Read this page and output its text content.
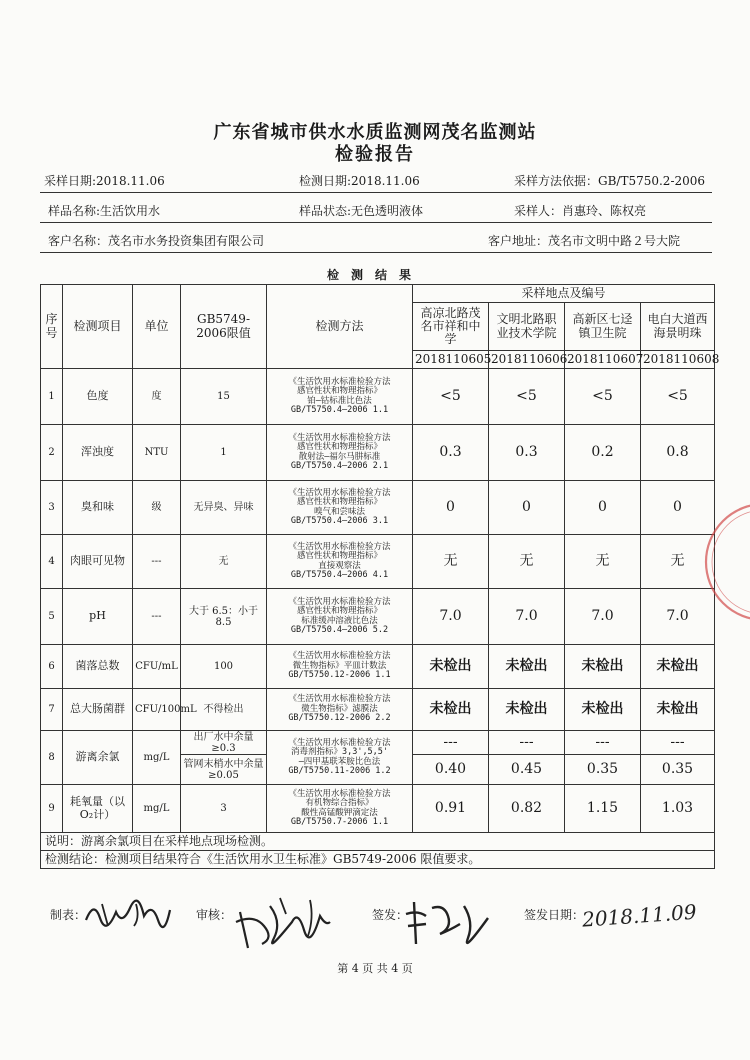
广东省城市供水水质监测网茂名监测站
检验报告
采样日期:2018.11.06	检测日期:2018.11.06	采样方法依据：GB/T5750.2-2006
样品名称:生活饮用水	样品状态:无色透明液体	采样人：肖惠玲、陈权亮
客户名称：茂名市水务投资集团有限公司	客户地址：茂名市文明中路２号大院
检测结果
序号	检测项目	单位	GB5749-2006限值	检测方法	采样地点及编号			
					高凉北路茂名市祥和中学	文明北路职业技术学院	高新区七迳镇卫生院	电白大道西海景明珠
					2018110605	2018110606	2018110607	2018110608
1	色度	度	15	《生活饮用水标准检验方法
感官性状和物理指标》
铂—钴标准比色法
GB/T5750.4—2006 1.1	<5	<5	<5	<5
2	浑浊度	NTU	1	《生活饮用水标准检验方法
感官性状和物理指标》
散射法—福尔马肼标准
GB/T5750.4—2006 2.1	0.3	0.3	0.2	0.8
3	臭和味	级	无异臭、异味	《生活饮用水标准检验方法
感官性状和物理指标》
嗅气和尝味法
GB/T5750.4—2006 3.1	0	0	0	0
4	肉眼可见物	---	无	《生活饮用水标准检验方法
感官性状和物理指标》
直接观察法
GB/T5750.4—2006 4.1	无	无	无	无
5	pH	---	大于 6.5：小于 8.5	《生活饮用水标准检验方法
感官性状和物理指标》
标准缓冲溶液比色法
GB/T5750.4—2006 5.2	7.0	7.0	7.0	7.0
6	菌落总数	CFU/mL	100	《生活饮用水标准检验方法
微生物指标》平皿计数法
GB/T5750.12-2006 1.1	未检出	未检出	未检出	未检出
7	总大肠菌群	CFU/100mL	不得检出	《生活饮用水标准检验方法
微生物指标》滤膜法
GB/T5750.12-2006 2.2	未检出	未检出	未检出	未检出
8	游离余氯	mg/L	出厂水中余量≥0.3	《生活饮用水标准检验方法
消毒剂指标》3,3',5,5'
—四甲基联苯胺比色法
GB/T5750.11-2006 1.2	---	---	---	---
			管网末梢水中余量≥0.05		0.40	0.45	0.35	0.35
9	耗氧量（以O₂计）	mg/L	3	《生活饮用水标准检验方法
有机物综合指标》
酸性高锰酸钾滴定法
GB/T5750.7-2006 1.1	0.91	0.82	1.15	1.03
说明：游离余氯项目在采样地点现场检测。								
检测结论：检测项目结果符合《生活饮用水卫生标准》GB5749-2006 限值要求。								
制表：	审核：	签发：	签发日期：
2018.11.09
第 4 页 共 4 页
